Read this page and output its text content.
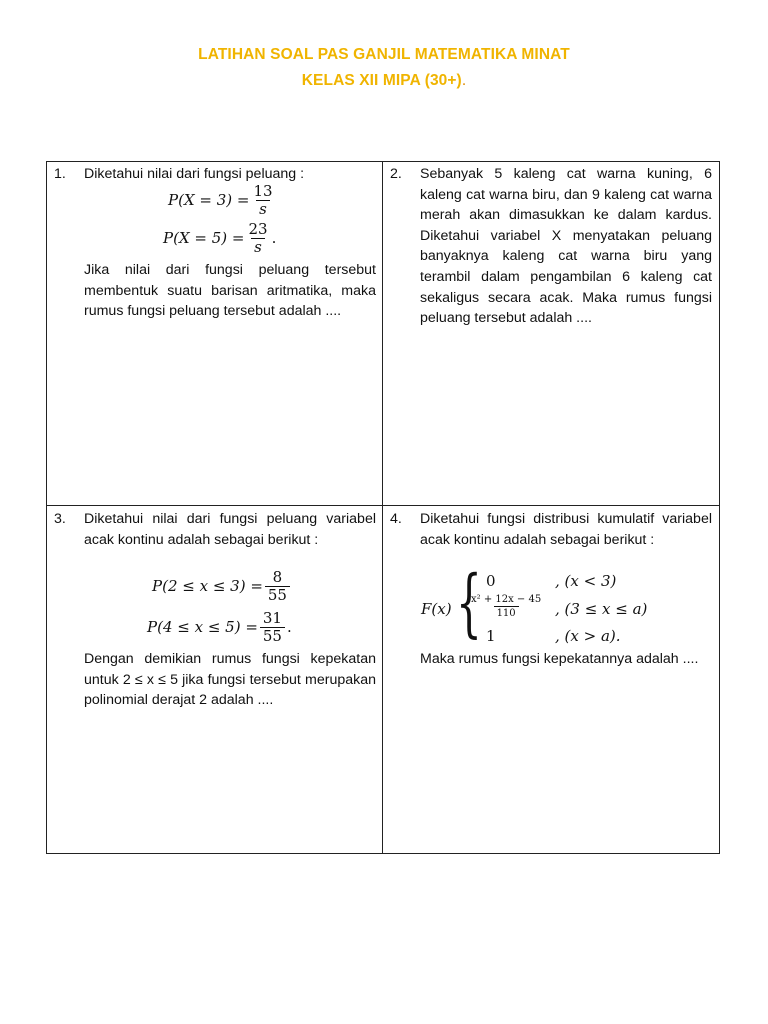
LATIHAN SOAL PAS GANJIL MATEMATIKA MINAT
KELAS XII MIPA (30+).
1. Diketahui nilai dari fungsi peluang :
$P(X = 3) = \frac{13}{s}$
$P(X = 5) = \frac{23}{s}$ .
Jika nilai dari fungsi peluang tersebut membentuk suatu barisan aritmatika, maka rumus fungsi peluang tersebut adalah ....
2. Sebanyak 5 kaleng cat warna kuning, 6 kaleng cat warna biru, dan 9 kaleng cat warna merah akan dimasukkan ke dalam kardus. Diketahui variabel X menyatakan peluang banyaknya kaleng cat warna biru yang terambil dalam pengambilan 6 kaleng cat sekaligus secara acak. Maka rumus fungsi peluang tersebut adalah ....
3. Diketahui nilai dari fungsi peluang variabel acak kontinu adalah sebagai berikut :
$P(2 \le x \le 3) = \frac{8}{55}$
$P(4 \le x \le 5) = \frac{31}{55}$ .
Dengan demikian rumus fungsi kepekatan untuk 2 ≤ x ≤ 5 jika fungsi tersebut merupakan polinomial derajat 2 adalah ....
4. Diketahui fungsi distribusi kumulatif variabel acak kontinu adalah sebagai berikut :
F(x) { 0	, (x < 3)
$\frac{\text{x² + 12x − 45}}{110}$ , (3 ≤ x ≤ a)
1	, (x > a).
Maka rumus fungsi kepekatannya adalah ....
